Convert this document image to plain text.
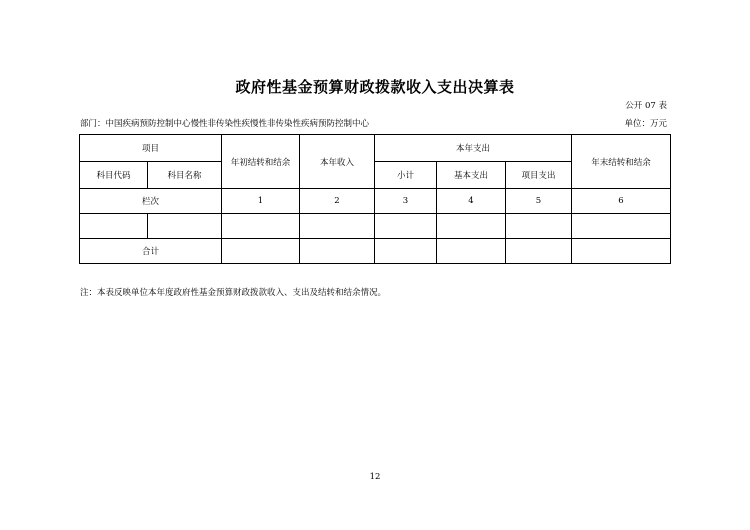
政府性基金预算财政拨款收入支出决算表
公开 07 表
部门：中国疾病预防控制中心慢性非传染性疾慢性非传染性疾病预防控制中心	单位：万元
项目		年初结转和结余	本年收入	本年支出			年末结转和结余
科目代码	科目名称			小计	基本支出	项目支出	
栏次		1	2	3	4	5	6

合计							
注：本表反映单位本年度政府性基金预算财政拨款收入、支出及结转和结余情况。
12
